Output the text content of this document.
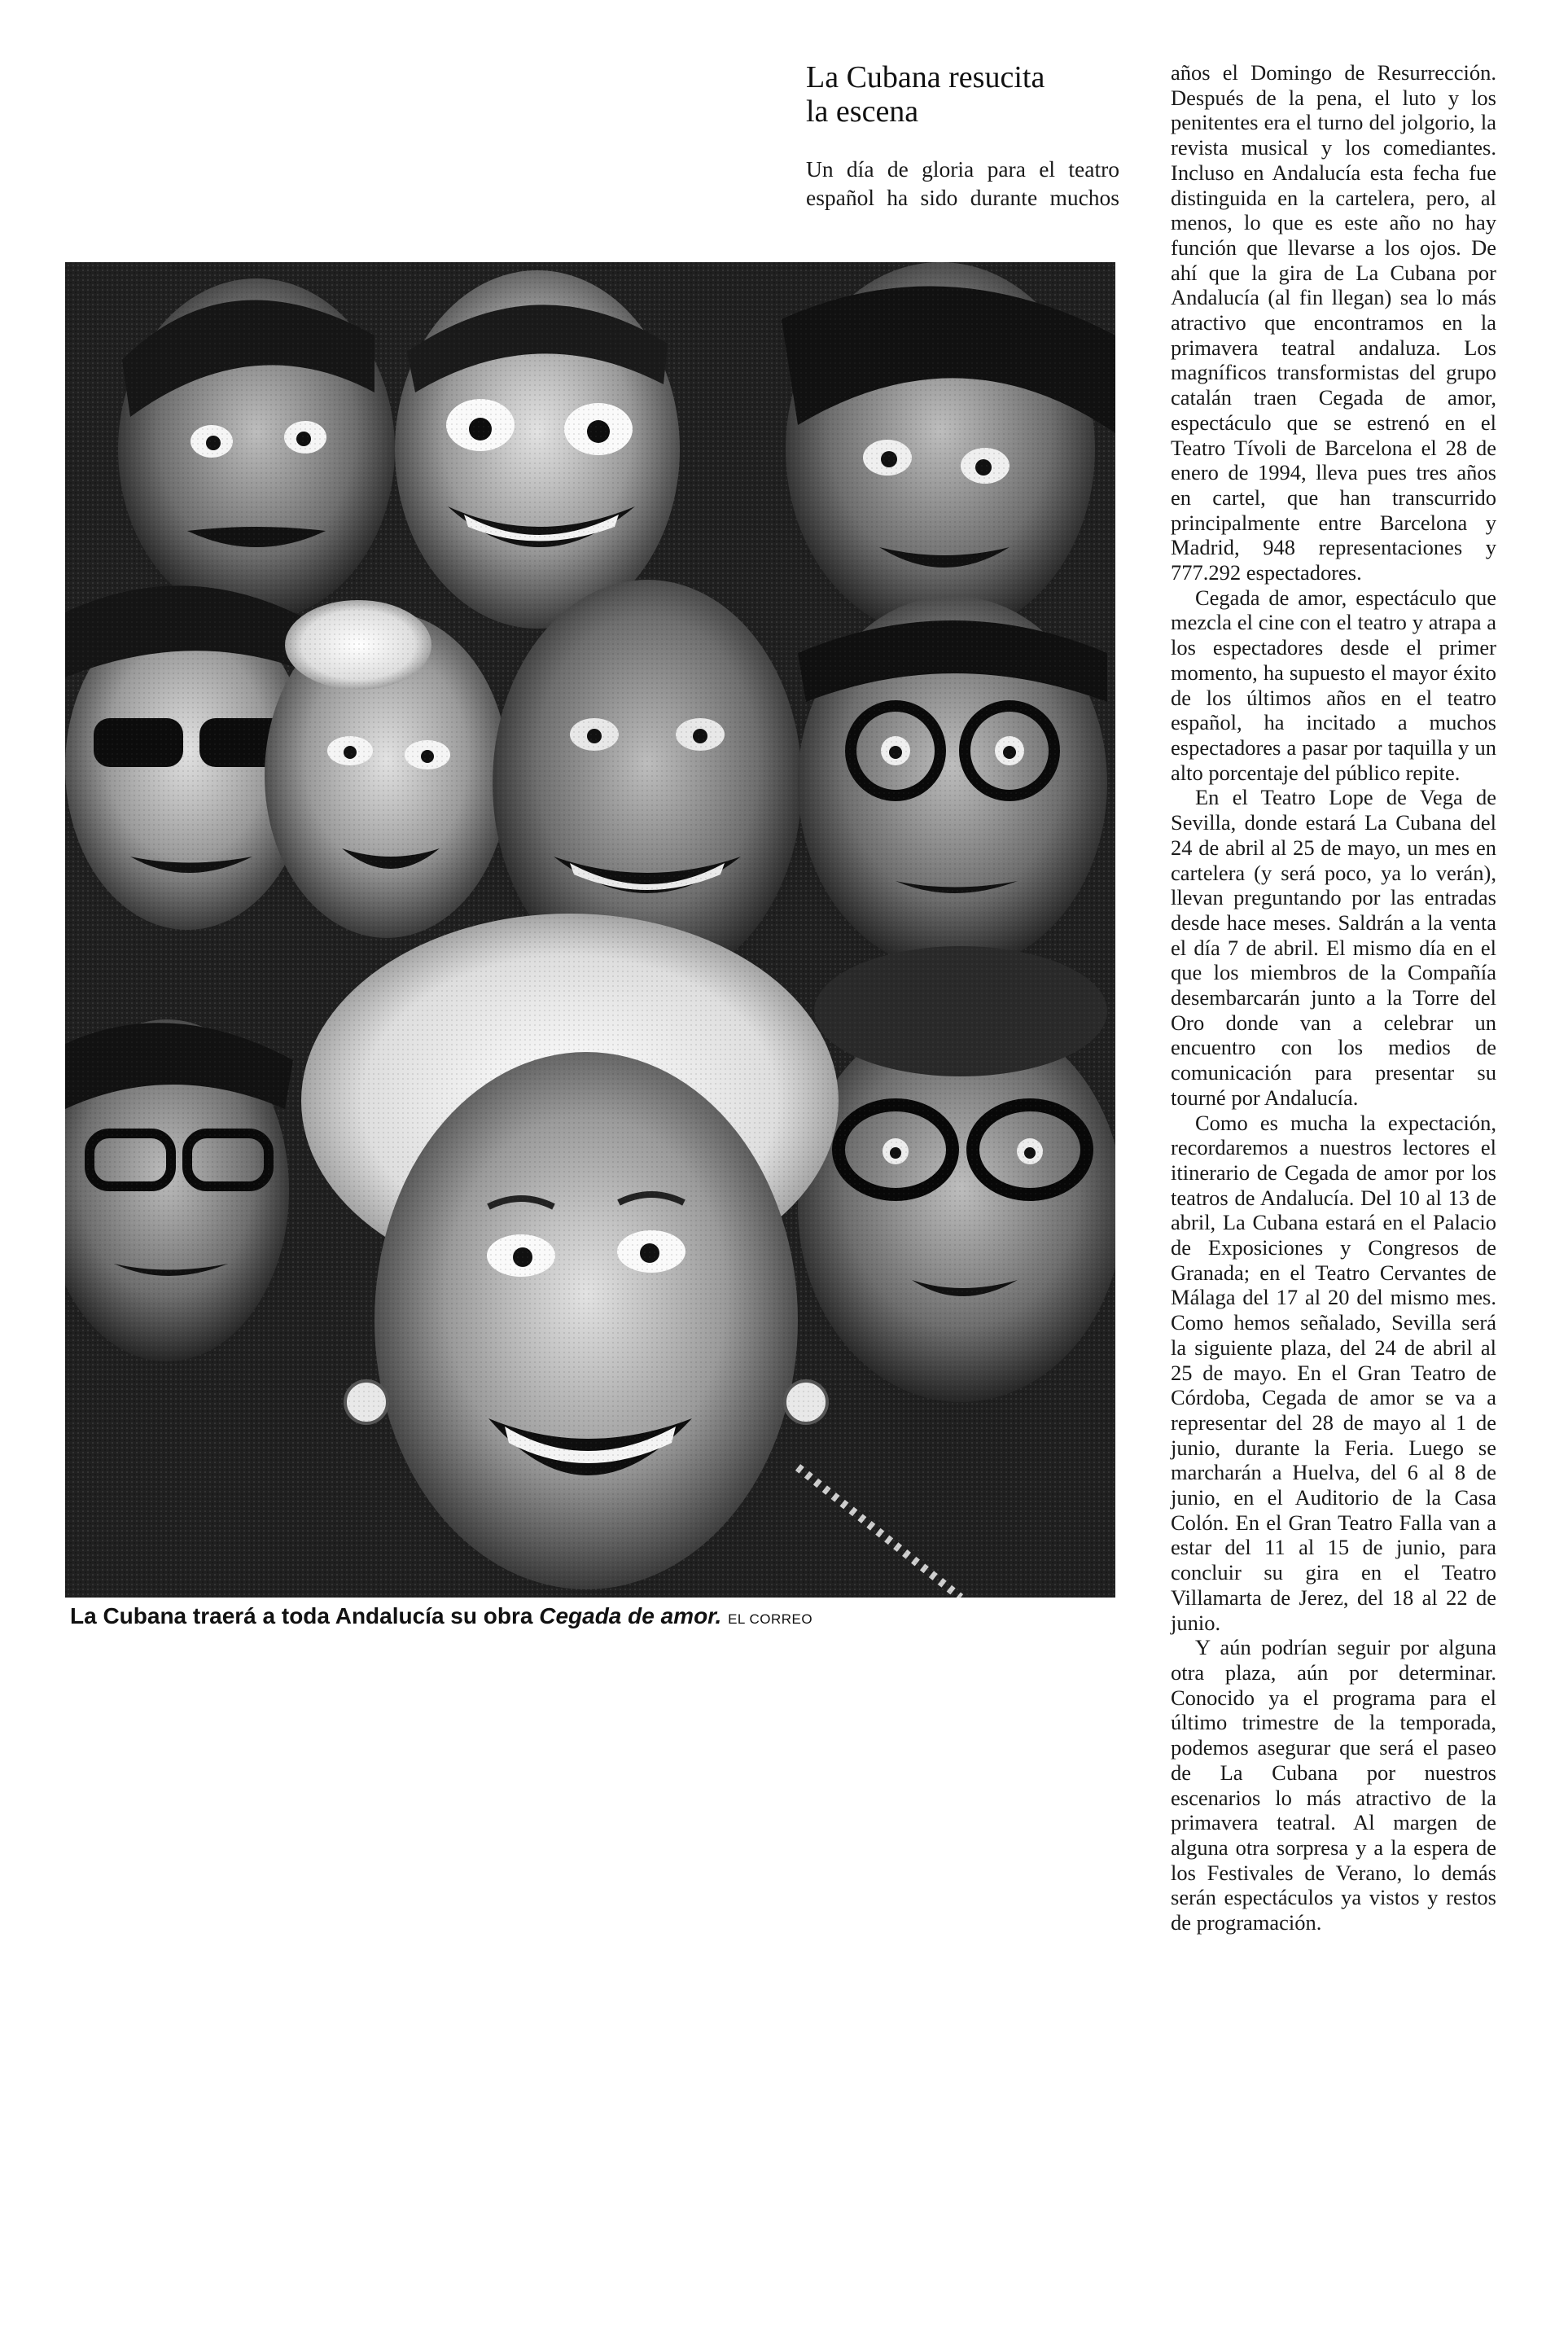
La Cubana resucita la escena

Un día de gloria para el teatro español ha sido durante muchos

La Cubana traerá a toda Andalucía su obra Cegada de amor. EL CORREO

años el Domingo de Resurrección. Después de la pena, el luto y los penitentes era el turno del jolgorio, la revista musical y los comediantes. Incluso en Andalucía esta fecha fue distinguida en la cartelera, pero, al menos, lo que es este año no hay función que llevarse a los ojos. De ahí que la gira de La Cubana por Andalucía (al fin llegan) sea lo más atractivo que encontramos en la primavera teatral andaluza. Los magníficos transformistas del grupo catalán traen Cegada de amor, espectáculo que se estrenó en el Teatro Tívoli de Barcelona el 28 de enero de 1994, lleva pues tres años en cartel, que han transcurrido principalmente entre Barcelona y Madrid, 948 representaciones y 777.292 espectadores.

Cegada de amor, espectáculo que mezcla el cine con el teatro y atrapa a los espectadores desde el primer momento, ha supuesto el mayor éxito de los últimos años en el teatro español, ha incitado a muchos espectadores a pasar por taquilla y un alto porcentaje del público repite.

En el Teatro Lope de Vega de Sevilla, donde estará La Cubana del 24 de abril al 25 de mayo, un mes en cartelera (y será poco, ya lo verán), llevan preguntando por las entradas desde hace meses. Saldrán a la venta el día 7 de abril. El mismo día en el que los miembros de la Compañía desembarcarán junto a la Torre del Oro donde van a celebrar un encuentro con los medios de comunicación para presentar su tourné por Andalucía.

Como es mucha la expectación, recordaremos a nuestros lectores el itinerario de Cegada de amor por los teatros de Andalucía. Del 10 al 13 de abril, La Cubana estará en el Palacio de Exposiciones y Congresos de Granada; en el Teatro Cervantes de Málaga del 17 al 20 del mismo mes. Como hemos señalado, Sevilla será la siguiente plaza, del 24 de abril al 25 de mayo. En el Gran Teatro de Córdoba, Cegada de amor se va a representar del 28 de mayo al 1 de junio, durante la Feria. Luego se marcharán a Huelva, del 6 al 8 de junio, en el Auditorio de la Casa Colón. En el Gran Teatro Falla van a estar del 11 al 15 de junio, para concluir su gira en el Teatro Villamarta de Jerez, del 18 al 22 de junio.

Y aún podrían seguir por alguna otra plaza, aún por determinar. Conocido ya el programa para el último trimestre de la temporada, podemos asegurar que será el paseo de La Cubana por nuestros escenarios lo más atractivo de la primavera teatral. Al margen de alguna otra sorpresa y a la espera de los Festivales de Verano, lo demás serán espectáculos ya vistos y restos de programación.
